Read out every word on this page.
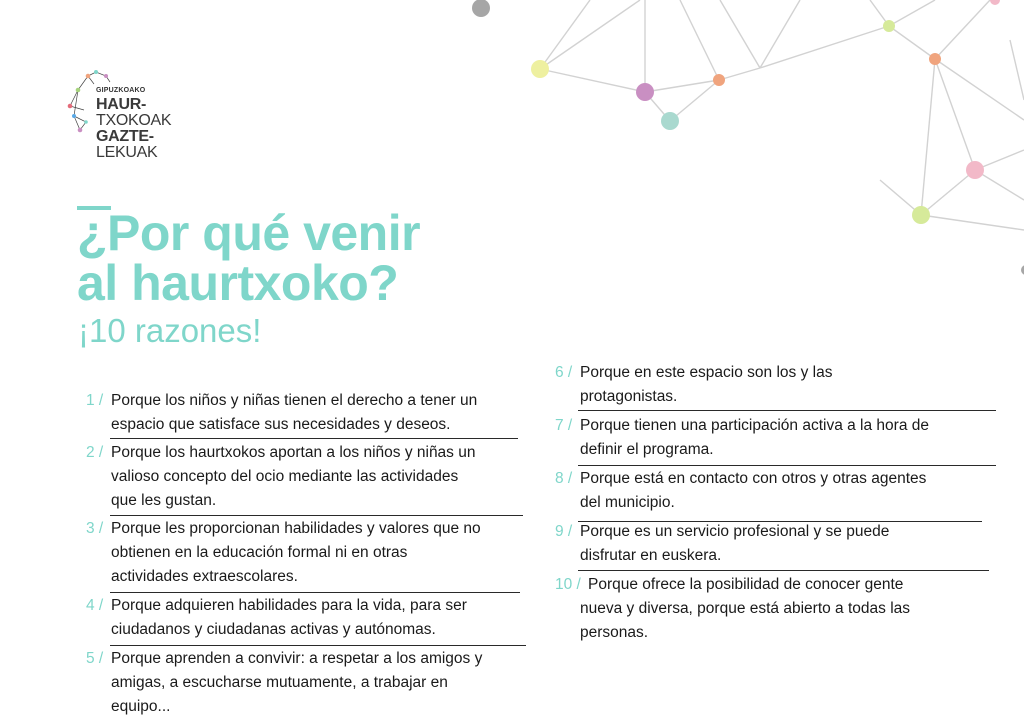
GIPUZKOAKO
HAUR-
TXOKOAK
GAZTE-
LEKUAK
¿Por qué venir
al haurtxoko?
¡10 razones!
1 / Porque los niños y niñas tienen el derecho a tener un
espacio que satisface sus necesidades y deseos.
2 / Porque los haurtxokos aportan a los niños y niñas un
valioso concepto del ocio mediante las actividades
que les gustan.
3 / Porque les proporcionan habilidades y valores que no
obtienen en la educación formal ni en otras
actividades extraescolares.
4 / Porque adquieren habilidades para la vida, para ser
ciudadanos y ciudadanas activas y autónomas.
5 / Porque aprenden a convivir: a respetar a los amigos y
amigas, a escucharse mutuamente, a trabajar en
equipo...
6 / Porque en este espacio son los y las
protagonistas.
7 / Porque tienen una participación activa a la hora de
definir el programa.
8 / Porque está en contacto con otros y otras agentes
del municipio.
9 / Porque es un servicio profesional y se puede
disfrutar en euskera.
10 / Porque ofrece la posibilidad de conocer gente
nueva y diversa, porque está abierto a todas las
personas.
